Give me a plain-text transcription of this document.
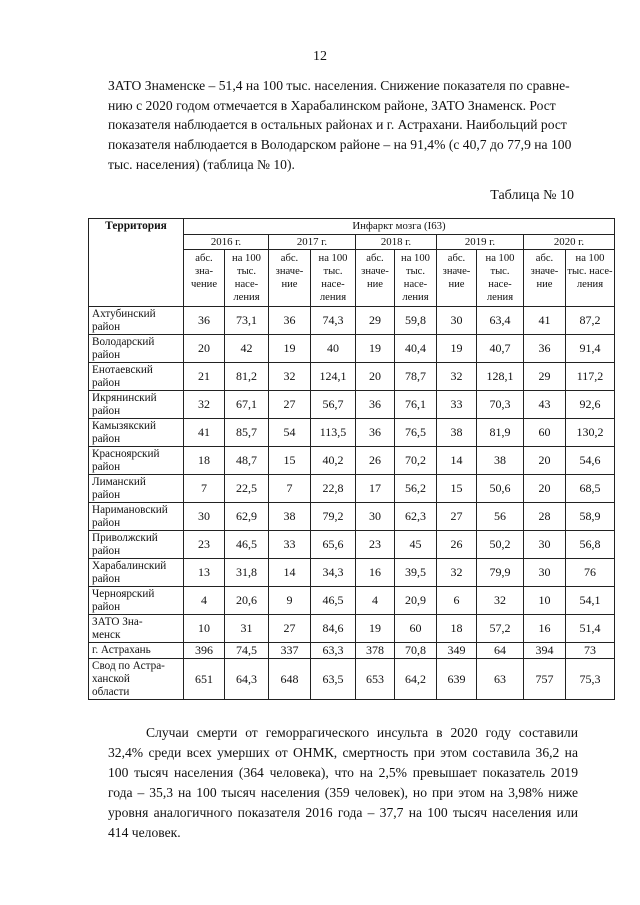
12
ЗАТО Знаменске – 51,4 на 100 тыс. населения. Снижение показателя по сравне-
нию с 2020 годом отмечается в Харабалинском районе, ЗАТО Знаменск. Рост
показателя наблюдается в остальных районах и г. Астрахани. Наибольций рост
показателя наблюдается в Володарском районе – на 91,4% (с 40,7 до 77,9 на 100
тыс. населения) (таблица № 10).
Таблица № 10
Территория	Инфаркт мозга (I63)									
	2016 г.		2017 г.		2018 г.		2019 г.		2020 г.	
	абс. зна- чение	на 100 тыс. насе- ления	абс. значе- ние	на 100 тыс. насе- ления	абс. значе- ние	на 100 тыс. насе- ления	абс. значе- ние	на 100 тыс. насе- ления	абс. значе- ние	на 100 тыс. насе- ления

Ахтубинский
район	36	73,1	36	74,3	29	59,8	30	63,4	41	87,2

Володарский
район	20	42	19	40	19	40,4	19	40,7	36	91,4

Енотаевский
район	21	81,2	32	124,1	20	78,7	32	128,1	29	117,2

Икрянинский
район	32	67,1	27	56,7	36	76,1	33	70,3	43	92,6

Камызякский
район	41	85,7	54	113,5	36	76,5	38	81,9	60	130,2

Красноярский
район	18	48,7	15	40,2	26	70,2	14	38	20	54,6

Лиманский
район	7	22,5	7	22,8	17	56,2	15	50,6	20	68,5

Наримановский
район	30	62,9	38	79,2	30	62,3	27	56	28	58,9

Приволжский
район	23	46,5	33	65,6	23	45	26	50,2	30	56,8

Харабалинский
район	13	31,8	14	34,3	16	39,5	32	79,9	30	76

Черноярский
район	4	20,6	9	46,5	4	20,9	6	32	10	54,1

ЗАТО Зна-
менск	10	31	27	84,6	19	60	18	57,2	16	51,4

г. Астрахань	396	74,5	337	63,3	378	70,8	349	64	394	73

Свод по Астра-
ханской
области	651	64,3	648	63,5	653	64,2	639	63	757	75,3
Случаи смерти от геморрагического инсульта в 2020 году составили 32,4% среди всех умерших от ОНМК, смертность при этом составила 36,2 на 100 тысяч населения (364 человека), что на 2,5% превышает показатель 2019 года – 35,3 на 100 тысяч населения (359 человек), но при этом на 3,98% ниже уровня аналогичного показателя 2016 года – 37,7 на 100 тысяч населения или 414 человек.
